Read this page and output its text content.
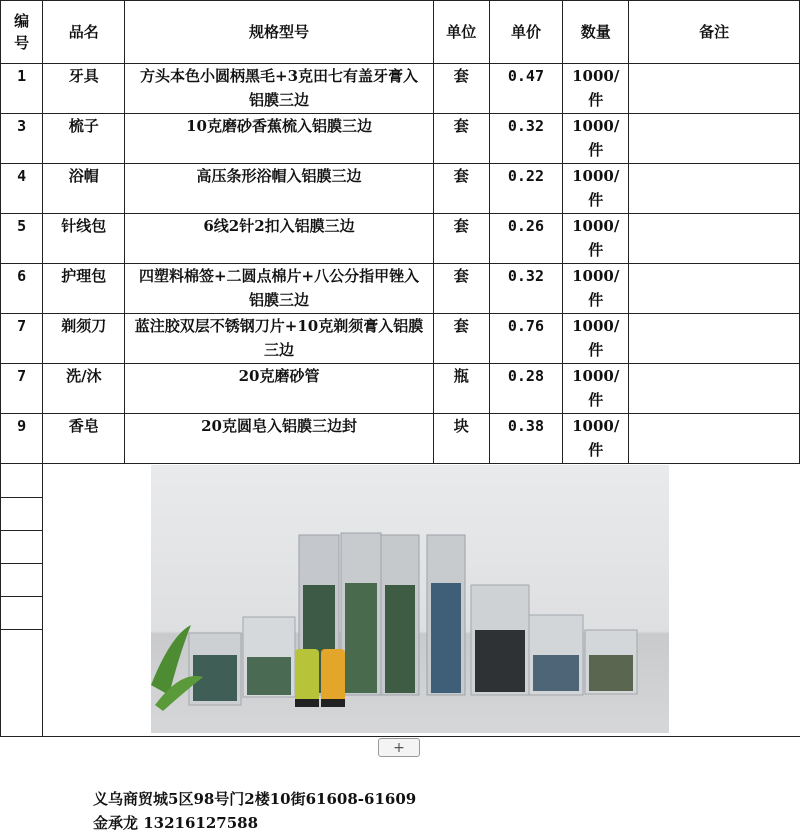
编号	品名	规格型号	单位	单价	数量	备注
1	牙具	方头本色小圆柄黑毛+3克田七有盖牙膏入铝膜三边	套	0.47	1000/件	
3	梳子	10克磨砂香蕉梳入铝膜三边	套	0.32	1000/件	
4	浴帽	高压条形浴帽入铝膜三边	套	0.22	1000/件	
5	针线包	6线2针2扣入铝膜三边	套	0.26	1000/件	
6	护理包	四塑料棉签+二圆点棉片+八公分指甲锉入铝膜三边	套	0.32	1000/件	
7	剃须刀	蓝注胶双层不锈钢刀片+10克剃须膏入铝膜三边	套	0.76	1000/件	
7	洗/沐	20克磨砂管	瓶	0.28	1000/件	
9	香皂	20克圆皂入铝膜三边封	块	0.38	1000/件	
+
义乌商贸城5区98号门2楼10街61608-61609
金承龙 13216127588
